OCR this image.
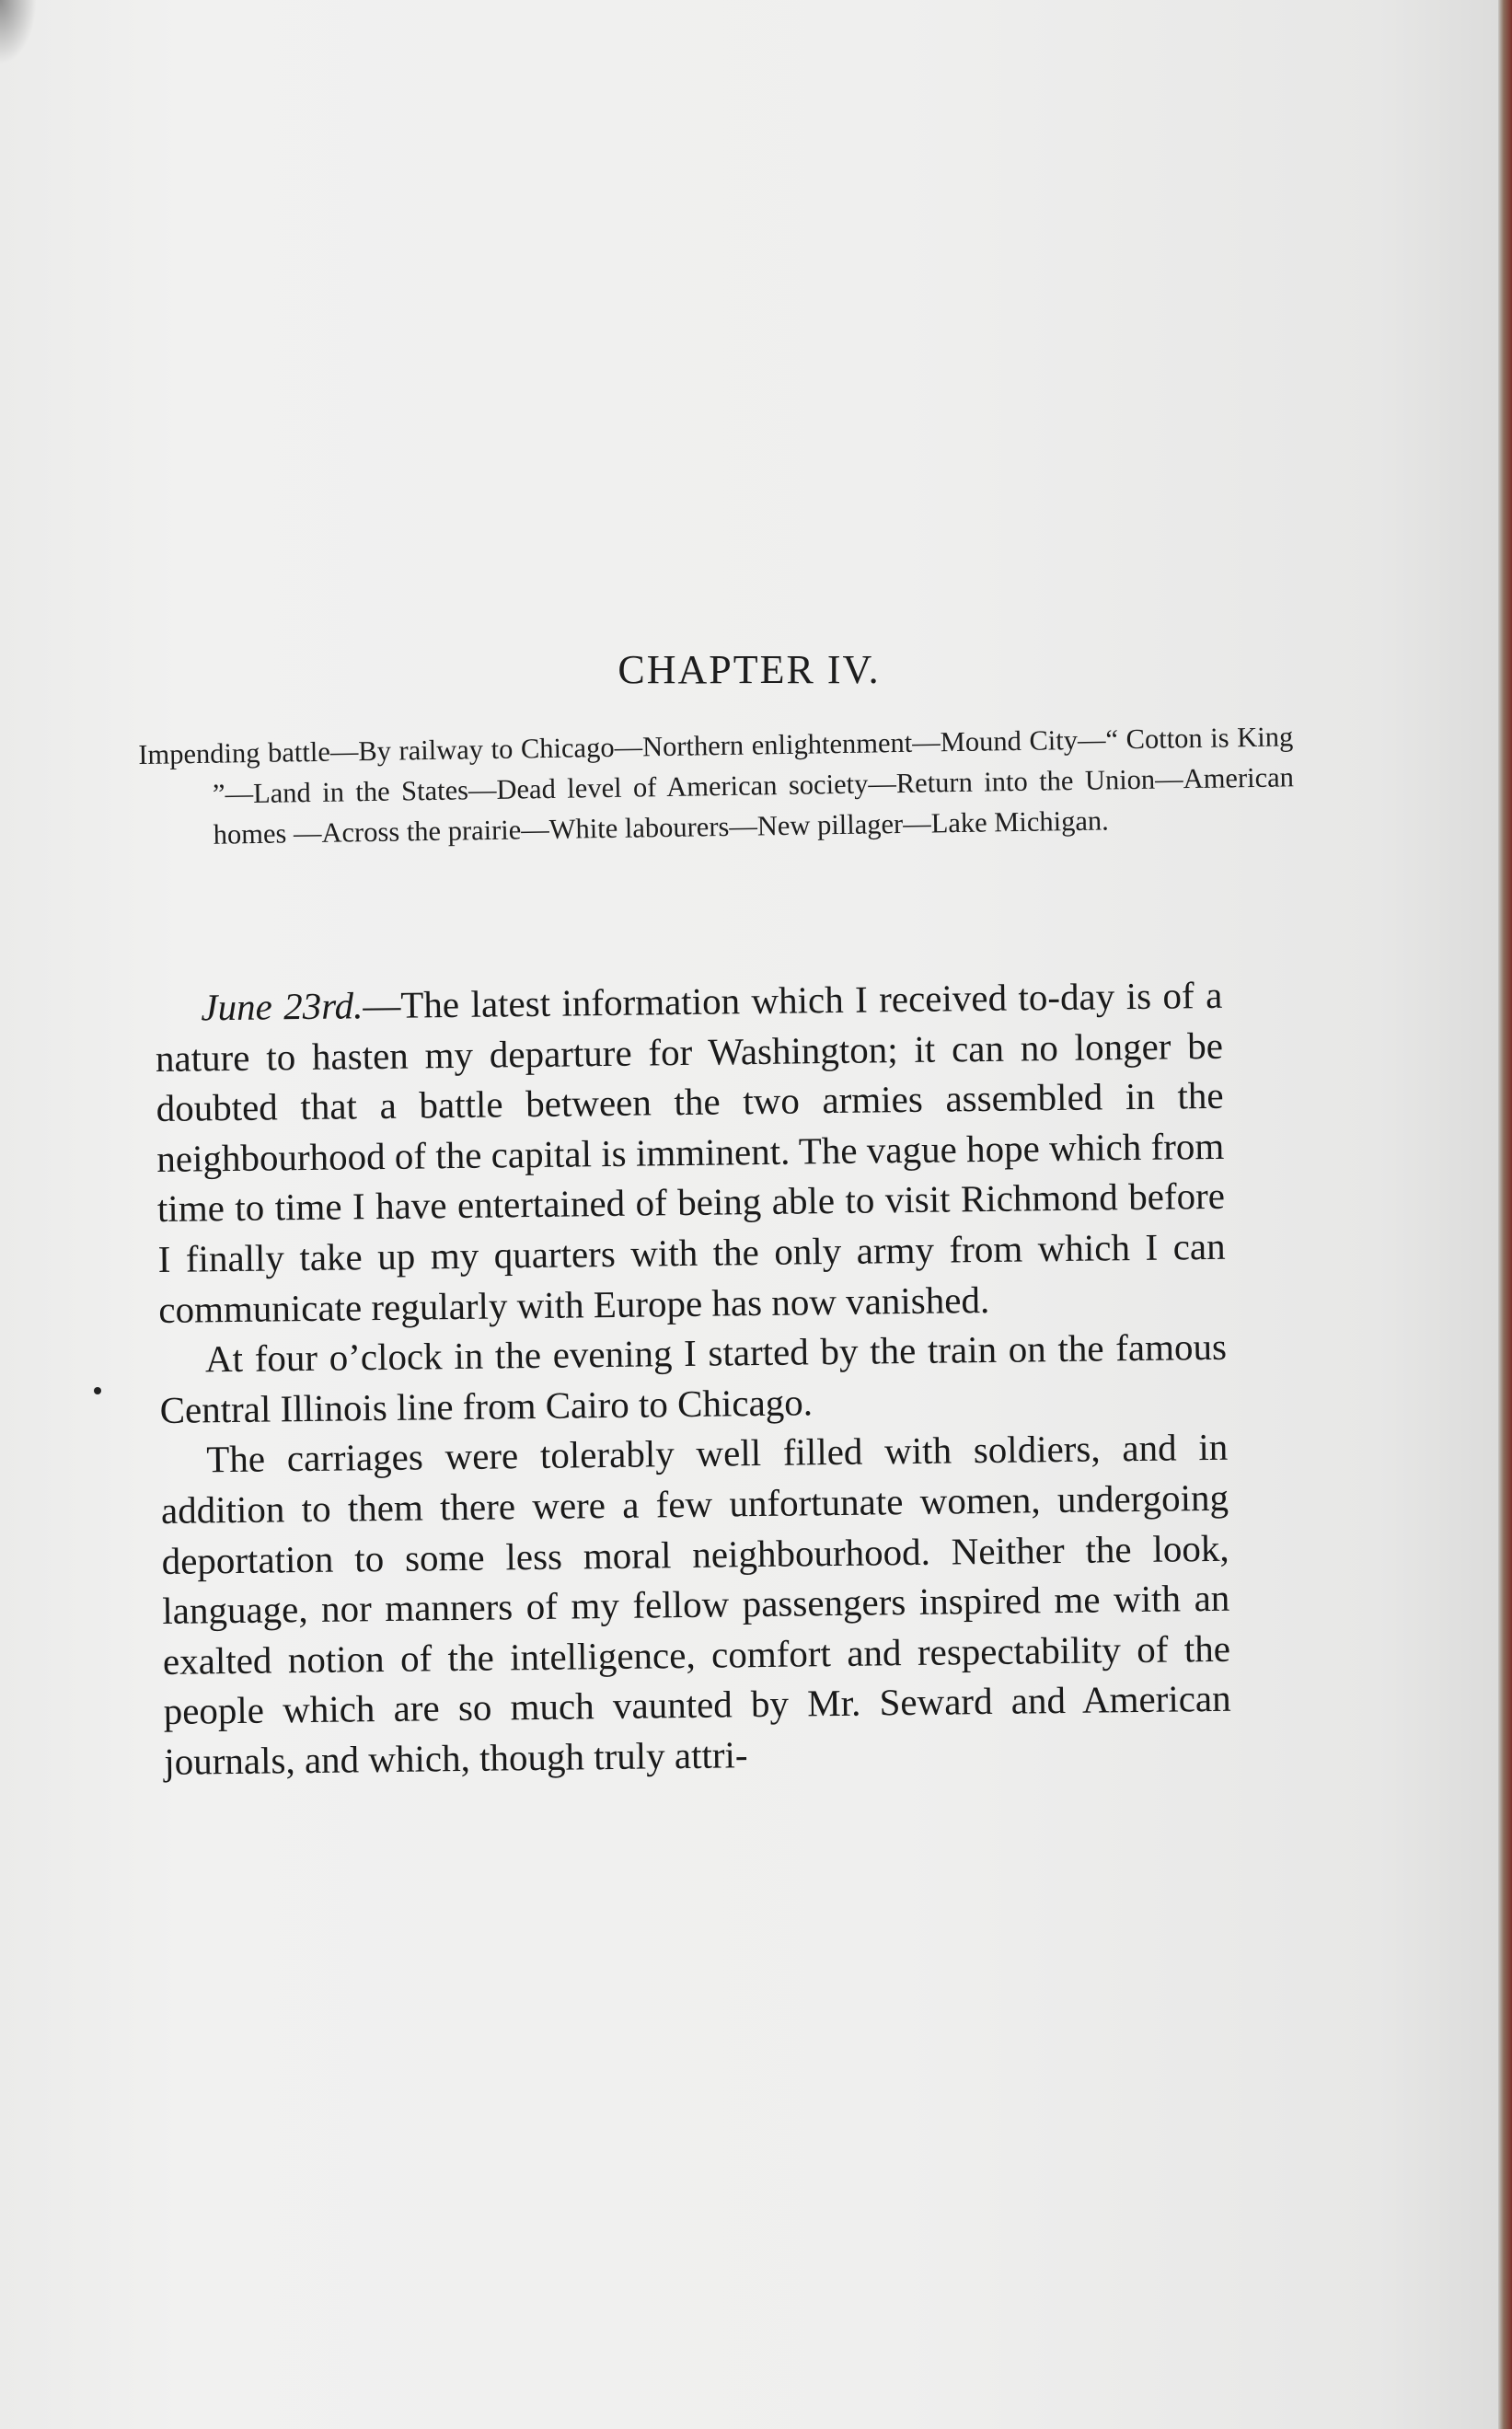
CHAPTER IV.
Impending battle—By railway to Chicago—Northern enlightenment—Mound City—“ Cotton is King ”—Land in the States—Dead level of American society—Return into the Union—American homes —Across the prairie—White labourers—New pillager—Lake Michigan.

June 23rd.—The latest information which I received to-day is of a nature to hasten my departure for Washington; it can no longer be doubted that a battle between the two armies assembled in the neighbourhood of the capital is imminent. The vague hope which from time to time I have entertained of being able to visit Richmond before I finally take up my quarters with the only army from which I can communicate regularly with Europe has now vanished.

At four o’clock in the evening I started by the train on the famous Central Illinois line from Cairo to Chicago.

The carriages were tolerably well filled with soldiers, and in addition to them there were a few unfortunate women, undergoing deportation to some less moral neighbourhood. Neither the look, language, nor manners of my fellow passengers inspired me with an exalted notion of the intelligence, comfort and respectability of the people which are so much vaunted by Mr. Seward and American journals, and which, though truly attri-
